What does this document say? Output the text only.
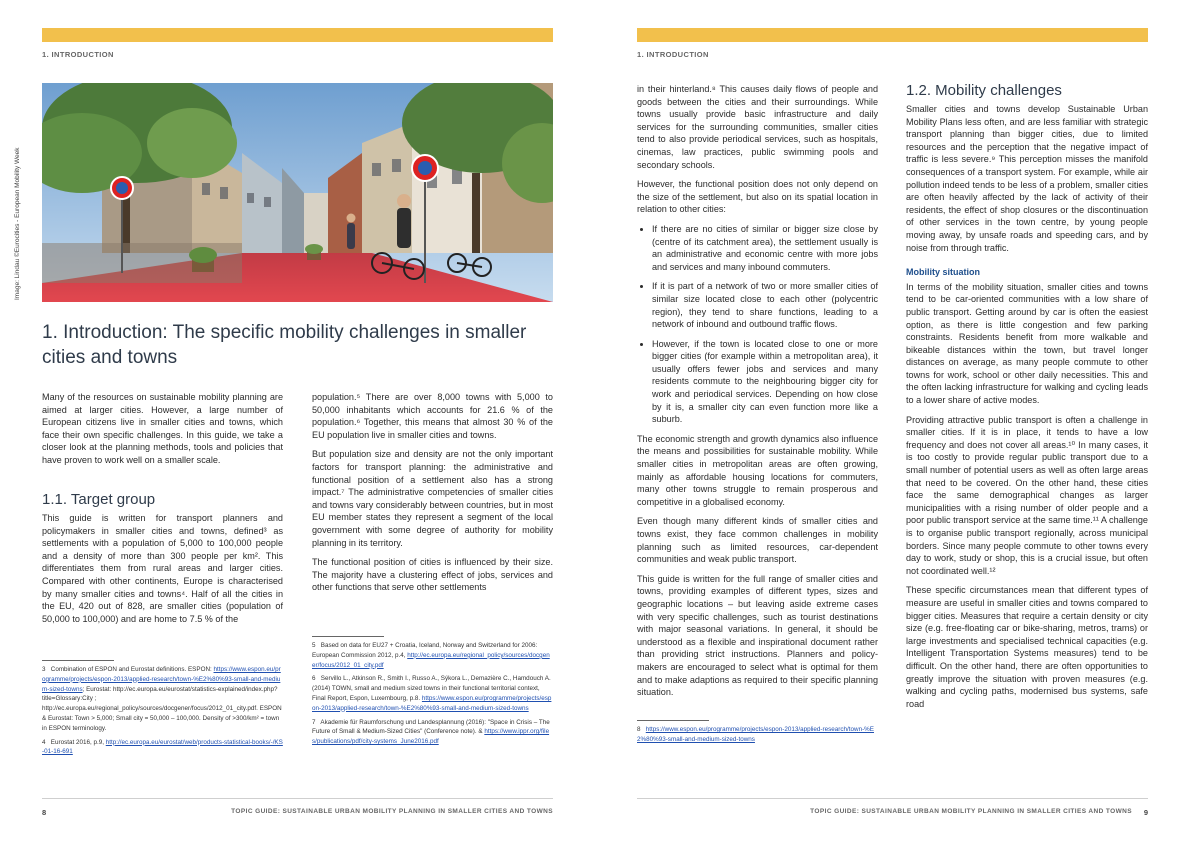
1. INTRODUCTION
Image: Lindau ©Eurocities - European Mobility Week
1. Introduction: The specific mobility challenges in smaller cities and towns

Many of the resources on sustainable mobility planning are aimed at larger cities. However, a large number of European citizens live in smaller cities and towns, which face their own specific challenges. In this guide, we take a closer look at the planning methods, tools and policies that have proven to work well on a smaller scale.

1.1. Target group

This guide is written for transport planners and policymakers in smaller cities and towns, defined³ as settlements with a population of 5,000 to 100,000 people and a density of more than 300 people per km². This differentiates them from rural areas and larger cities. Compared with other continents, Europe is characterised by many smaller cities and towns⁴. Half of all the cities in the EU, 420 out of 828, are smaller cities (population of 50,000 to 100,000) and are home to 7.5 % of the

population.⁵ There are over 8,000 towns with 5,000 to 50,000 inhabitants which accounts for 21.6 % of the population.⁶ Together, this means that almost 30 % of the EU population live in smaller cities and towns.

But population size and density are not the only important factors for transport planning: the administrative and functional position of a settlement also has a strong impact.⁷ The administrative competencies of smaller cities and towns vary considerably between countries, but in most EU member states they represent a segment of the local government with some degree of authority for mobility planning in its territory.

The functional position of cities is influenced by their size. The majority have a clustering effect of jobs, services and other functions that serve other settlements

3 Combination of ESPON and Eurostat definitions. ESPON: https://www.espon.eu/programme/projects/espon-2013/applied-research/town-%E2%80%93-small-and-medium-sized-towns; Eurostat: http://ec.europa.eu/eurostat/statistics-explained/index.php?title=Glossary:City ; http://ec.europa.eu/regional_policy/sources/docgener/focus/2012_01_city.pdf. ESPON & Eurostat: Town > 5,000; Small city = 50,000 – 100,000. Density of >300/km² = town in ESPON terminology.
4 Eurostat 2016, p.9, http://ec.europa.eu/eurostat/web/products-statistical-books/-/KS-01-16-691
5 Based on data for EU27 + Croatia, Iceland, Norway and Switzerland for 2006: European Commission 2012, p.4, http://ec.europa.eu/regional_policy/sources/docgener/focus/2012_01_city.pdf
6 Servillo L., Atkinson R., Smith I., Russo A., Sýkora L., Demazière C., Hamdouch A. (2014) TOWN, small and medium sized towns in their functional territorial context, Final Report, Espon, Luxembourg, p.8. https://www.espon.eu/programme/projects/espon-2013/applied-research/town-%E2%80%93-small-and-medium-sized-towns
7 Akademie für Raumforschung und Landesplannung (2016): "Space in Crisis – The Future of Small & Medium-Sized Cities" (Conference note). & https://www.ippr.org/files/publications/pdf/city-systems_June2016.pdf
8	TOPIC GUIDE: SUSTAINABLE URBAN MOBILITY PLANNING IN SMALLER CITIES AND TOWNS
1. INTRODUCTION

in their hinterland.⁸ This causes daily flows of people and goods between the cities and their surroundings. While towns usually provide basic infrastructure and daily services for the surrounding communities, smaller cities tend to also provide periodical services, such as hospitals, cinemas, law practices, public swimming pools and secondary schools.

However, the functional position does not only depend on the size of the settlement, but also on its spatial location in relation to other cities:

• If there are no cities of similar or bigger size close by (centre of its catchment area), the settlement usually is an administrative and economic centre with more jobs and services and many inbound commuters.
• If it is part of a network of two or more smaller cities of similar size located close to each other (polycentric region), they tend to share functions, leading to a network of inbound and outbound traffic flows.
• However, if the town is located close to one or more bigger cities (for example within a metropolitan area), it usually offers fewer jobs and services and many residents commute to the neighbouring bigger city for work and periodical services. Depending on how close by it is, a smaller city can even function more like a suburb.

The economic strength and growth dynamics also influence the means and possibilities for sustainable mobility. While smaller cities in metropolitan areas are often growing, mainly as affordable housing locations for commuters, many other towns struggle to remain prosperous and competitive in a globalised economy.

Even though many different kinds of smaller cities and towns exist, they face common challenges in mobility planning such as limited resources, car-dependent communities and weak public transport.

This guide is written for the full range of smaller cities and towns, providing examples of different types, sizes and geographic locations – but leaving aside extreme cases with very specific challenges, such as tourist destinations with major seasonal variations. In general, it should be understood as a flexible and inspirational document rather than providing strict instructions. Planners and policy-makers are encouraged to select what is optimal for them and to make adaptions as required to their specific planning situation.

8 https://www.espon.eu/programme/projects/espon-2013/applied-research/town-%E2%80%93-small-and-medium-sized-towns
1.2. Mobility challenges

Smaller cities and towns develop Sustainable Urban Mobility Plans less often, and are less familiar with strategic transport planning than bigger cities, due to limited resources and the perception that the negative impact of traffic is less severe.⁹ This perception misses the manifold consequences of a transport system. For example, while air pollution indeed tends to be less of a problem, smaller cities are often heavily affected by the lack of activity of their residents, the effect of shop closures or the discontinuation of other services in the town centre, by young people moving away, by unsafe roads and speeding cars, and by noise from through traffic.

Mobility situation

In terms of the mobility situation, smaller cities and towns tend to be car-oriented communities with a low share of public transport. Getting around by car is often the easiest option, as there is little congestion and few parking constraints. Residents benefit from more walkable and bikeable distances within the town, but travel longer distances on average, as many people commute to other towns for work, school or other daily necessities. This and the often lacking infrastructure for walking and cycling leads to a lower share of active modes.

Providing attractive public transport is often a challenge in smaller cities. If it is in place, it tends to have a low frequency and does not cover all areas.¹⁰ In many cases, it is too costly to provide regular public transport due to a small number of potential users as well as often large areas that need to be covered. On the other hand, these cities face the same demographical changes as larger municipalities with a rising number of older people and a poor public transport service at the same time.¹¹ A challenge is to organise public transport regionally, across municipal borders. Since many people commute to other towns every day to work, study or shop, this is a crucial issue, but often not coordinated well.¹²

These specific circumstances mean that different types of measure are useful in smaller cities and towns compared to bigger cities. Measures that require a certain density or city size (e.g. free-floating car or bike-sharing, metros, trams) or large investments and specialised technical capacities (e.g. Intelligent Transportation Systems measures) tend to be difficult. On the other hand, there are often opportunities to greatly improve the situation with proven measures (e.g. walking and cycling paths, modernised bus systems, safe road

TOPIC GUIDE: SUSTAINABLE URBAN MOBILITY PLANNING IN SMALLER CITIES AND TOWNS 9
